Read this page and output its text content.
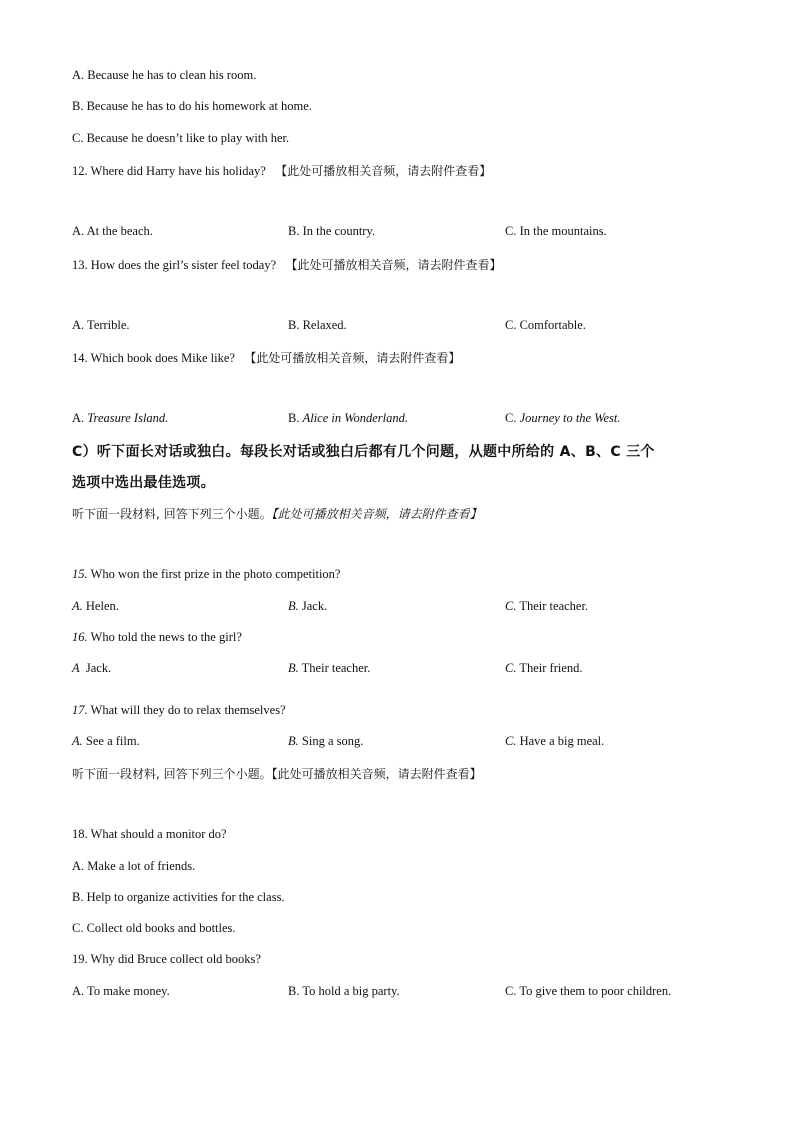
A. Because he has to clean his room.
B. Because he has to do his homework at home.
C. Because he doesn’t like to play with her.
12. Where did Harry have his holiday? 【此处可播放相关音频，请去附件查看】
A. At the beach.	B. In the country.	C. In the mountains.
13. How does the girl’s sister feel today? 【此处可播放相关音频，请去附件查看】
A. Terrible.	B. Relaxed.	C. Comfortable.
14. Which book does Mike like? 【此处可播放相关音频，请去附件查看】
A. Treasure Island.	B. Alice in Wonderland.	C. Journey to the West.
C）听下面长对话或独白。每段长对话或独白后都有几个问题，从题中所给的 A、B、C 三个
选项中选出最佳选项。
听下面一段材料, 回答下列三个小题。【此处可播放相关音频，请去附件查看】
15. Who won the first prize in the photo competition?
A. Helen.	B. Jack.	C. Their teacher.
16. Who told the news to the girl?
A  Jack.	B. Their teacher.	C. Their friend.
17. What will they do to relax themselves?
A. See a film.	B. Sing a song.	C. Have a big meal.
听下面一段材料, 回答下列三个小题。【此处可播放相关音频，请去附件查看】
18. What should a monitor do?
A. Make a lot of friends.
B. Help to organize activities for the class.
C. Collect old books and bottles.
19. Why did Bruce collect old books?
A. To make money.	B. To hold a big party.	C. To give them to poor children.
